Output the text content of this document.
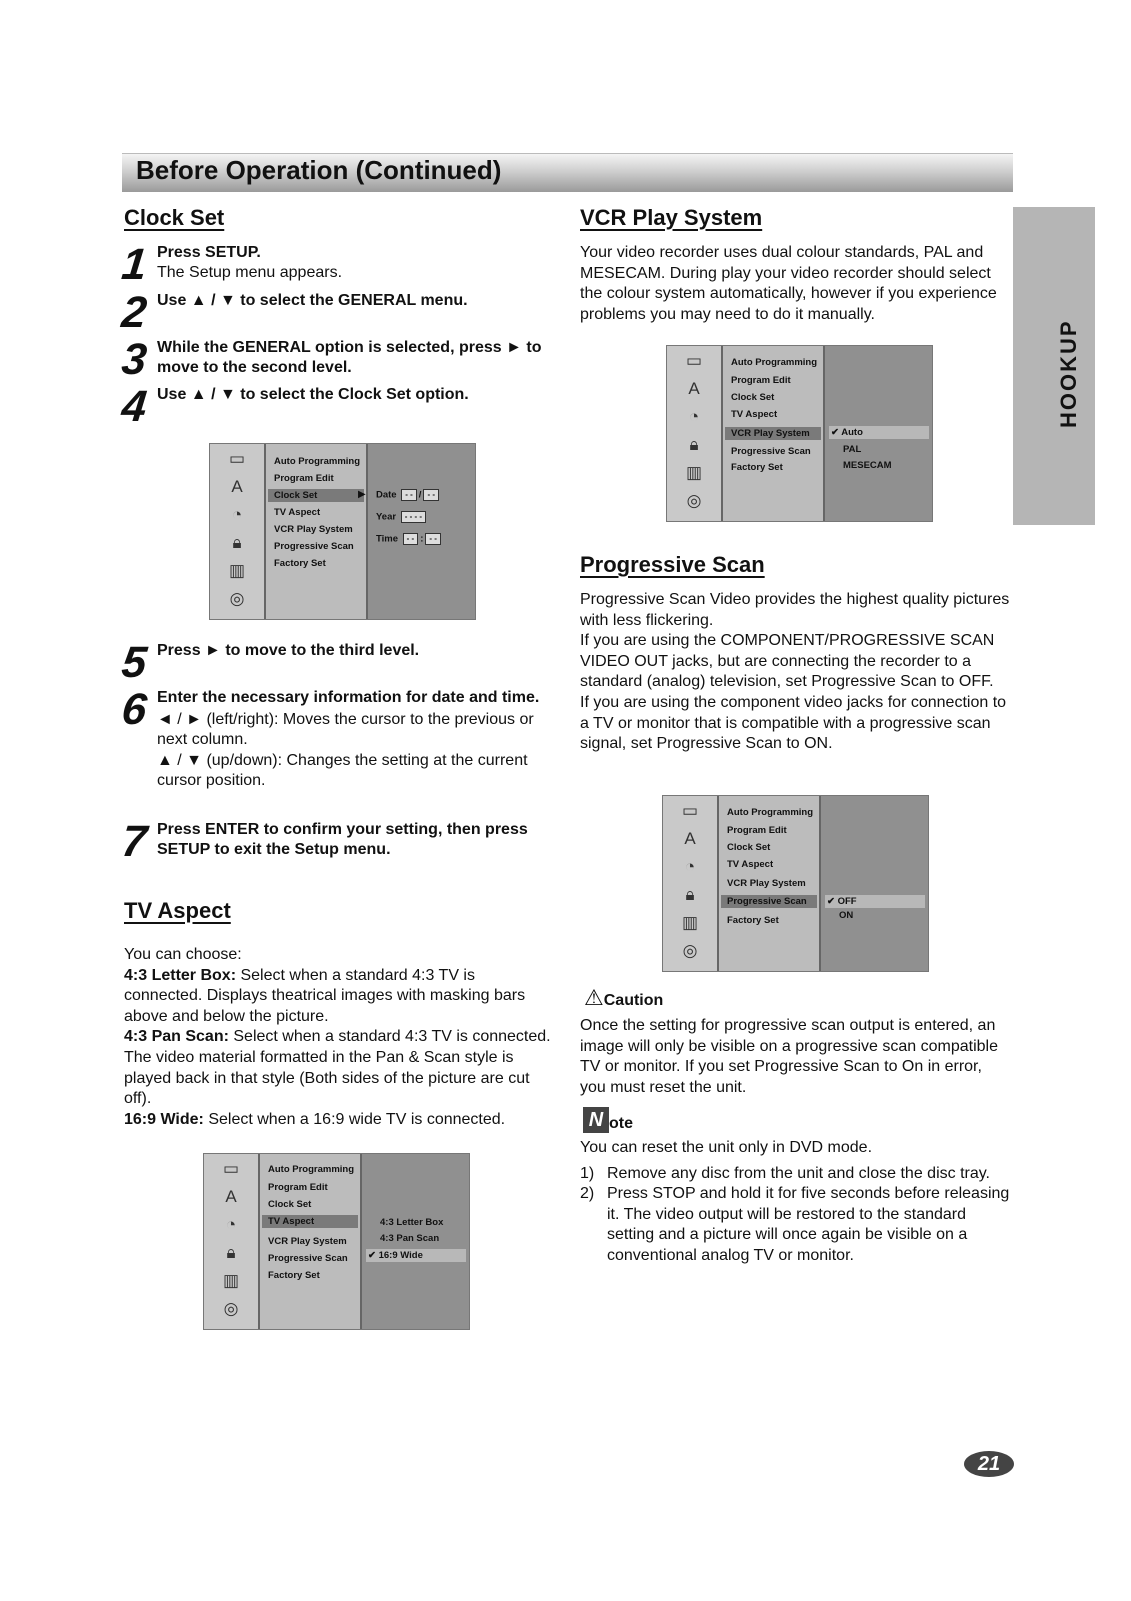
Before Operation (Continued)
HOOKUP
Clock Set
1 Press SETUP.
The Setup menu appears.
2 Use ▲ / ▼ to select the GENERAL menu.
3 While the GENERAL option is selected, press ► to move to the second level.
4 Use ▲ / ▼ to select the Clock Set option.
▭
A
◔
🔒︎
▥
◎
Auto Programming
Program Edit
Clock Set
TV Aspect
VCR Play System
Progressive Scan
Factory Set
▶ Date - - / - -
Year - - - -
Time - - : - -
5 Press ► to move to the third level.
6 Enter the necessary information for date and time.
◄ / ► (left/right): Moves the cursor to the previous or next column.
▲ / ▼ (up/down): Changes the setting at the current cursor position.
7 Press ENTER to confirm your setting, then press SETUP to exit the Setup menu.
TV Aspect
You can choose:
4:3 Letter Box: Select when a standard 4:3 TV is connected. Displays theatrical images with masking bars above and below the picture.
4:3 Pan Scan: Select when a standard 4:3 TV is connected. The video material formatted in the Pan & Scan style is played back in that style (Both sides of the picture are cut off).
16:9 Wide: Select when a 16:9 wide TV is connected.
▭
A
◔
🔒︎
▥
◎
Auto Programming
Program Edit
Clock Set
TV Aspect
VCR Play System
Progressive Scan
Factory Set
4:3 Letter Box
4:3 Pan Scan
✔ 16:9 Wide
VCR Play System
Your video recorder uses dual colour standards, PAL and MESECAM. During play your video recorder should select the colour system automatically, however if you experience problems you may need to do it manually.
▭
A
◔
🔒︎
▥
◎
Auto Programming
Program Edit
Clock Set
TV Aspect
VCR Play System
Progressive Scan
Factory Set
✔ Auto
PAL
MESECAM
Progressive Scan
Progressive Scan Video provides the highest quality pictures with less flickering.
If you are using the COMPONENT/PROGRESSIVE SCAN VIDEO OUT jacks, but are connecting the recorder to a standard (analog) television, set Progressive Scan to OFF.
If you are using the component video jacks for connection to a TV or monitor that is compatible with a progressive scan signal, set Progressive Scan to ON.
▭
A
◔
🔒︎
▥
◎
Auto Programming
Program Edit
Clock Set
TV Aspect
VCR Play System
Progressive Scan
Factory Set
✔ OFF
ON
⚠Caution
Once the setting for progressive scan output is entered, an image will only be visible on a progressive scan compatible TV or monitor. If you set Progressive Scan to On in error, you must reset the unit.
N ote
You can reset the unit only in DVD mode.
1) Remove any disc from the unit and close the disc tray.
2) Press STOP and hold it for five seconds before releasing it. The video output will be restored to the standard setting and a picture will once again be visible on a conventional analog TV or monitor.
21
